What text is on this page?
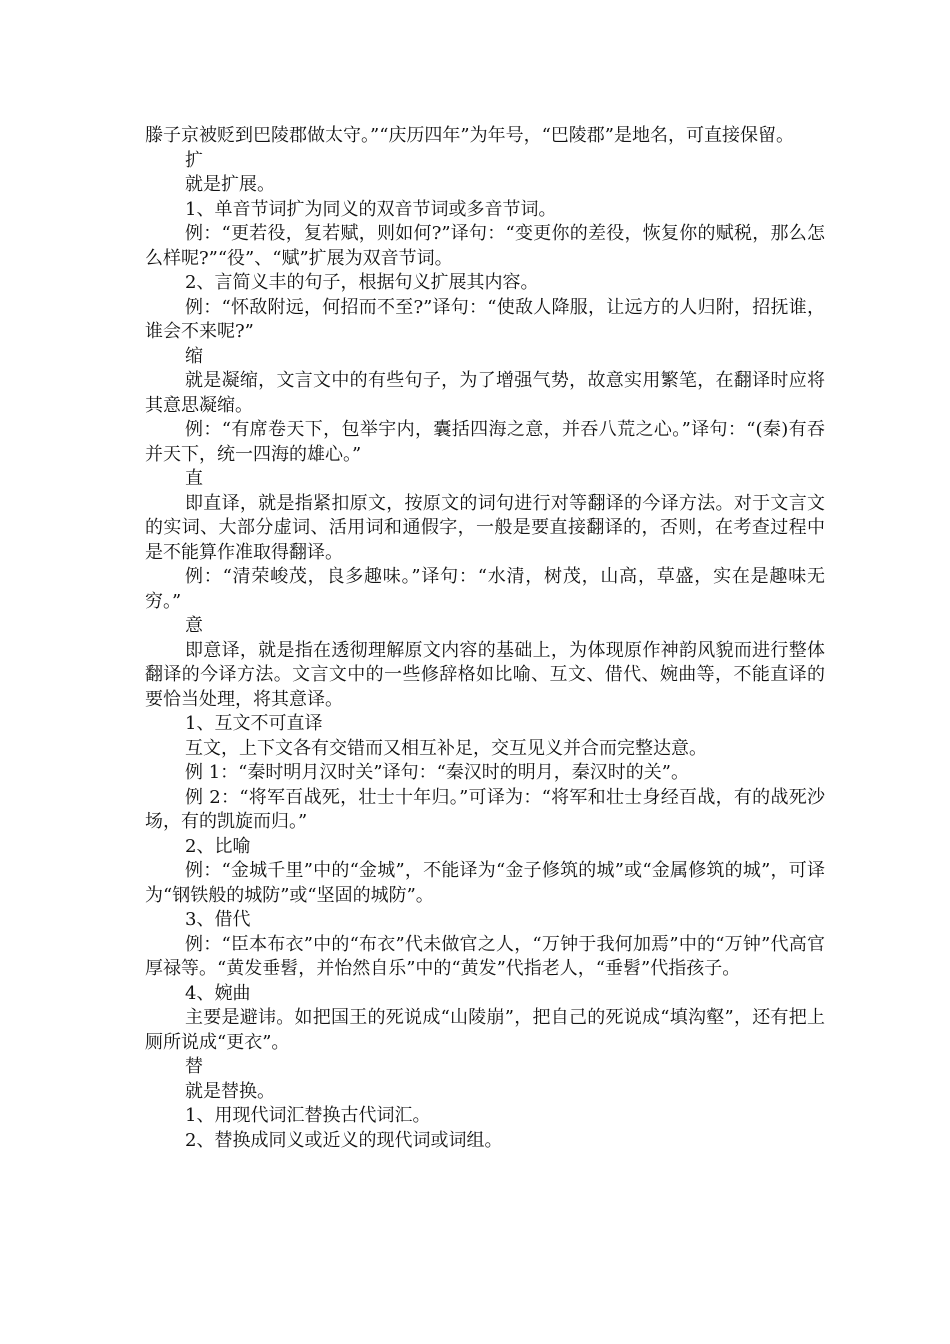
滕子京被贬到巴陵郡做太守。”“庆历四年”为年号，“巴陵郡”是地名，可直接保留。

扩

就是扩展。

1、单音节词扩为同义的双音节词或多音节词。

例：“更若役，复若赋，则如何?”译句：“变更你的差役，恢复你的赋税，那么怎么样呢?”“役”、“赋”扩展为双音节词。

2、言简义丰的句子，根据句义扩展其内容。

例：“怀敌附远，何招而不至?”译句：“使敌人降服，让远方的人归附，招抚谁，谁会不来呢?”

缩

就是凝缩，文言文中的有些句子，为了增强气势，故意实用繁笔，在翻译时应将其意思凝缩。

例：“有席卷天下，包举宇内，囊括四海之意，并吞八荒之心。”译句：“(秦)有吞并天下，统一四海的雄心。”

直

即直译，就是指紧扣原文，按原文的词句进行对等翻译的今译方法。对于文言文的实词、大部分虚词、活用词和通假字，一般是要直接翻译的，否则，在考查过程中是不能算作准取得翻译。

例：“清荣峻茂，良多趣味。”译句：“水清，树茂，山高，草盛，实在是趣味无穷。”

意

即意译，就是指在透彻理解原文内容的基础上，为体现原作神韵风貌而进行整体翻译的今译方法。文言文中的一些修辞格如比喻、互文、借代、婉曲等，不能直译的要恰当处理，将其意译。

1、互文不可直译

互文，上下文各有交错而又相互补足，交互见义并合而完整达意。

例 1：“秦时明月汉时关”译句：“秦汉时的明月，秦汉时的关”。

例 2：“将军百战死，壮士十年归。”可译为：“将军和壮士身经百战，有的战死沙场，有的凯旋而归。”

2、比喻

例：“金城千里”中的“金城”，不能译为“金子修筑的城”或“金属修筑的城”，可译为“钢铁般的城防”或“坚固的城防”。

3、借代

例：“臣本布衣”中的“布衣”代未做官之人，“万钟于我何加焉”中的“万钟”代高官厚禄等。“黄发垂髫，并怡然自乐”中的“黄发”代指老人，“垂髫”代指孩子。

4、婉曲

主要是避讳。如把国王的死说成“山陵崩”，把自己的死说成“填沟壑”，还有把上厕所说成“更衣”。

替

就是替换。

1、用现代词汇替换古代词汇。

2、替换成同义或近义的现代词或词组。
